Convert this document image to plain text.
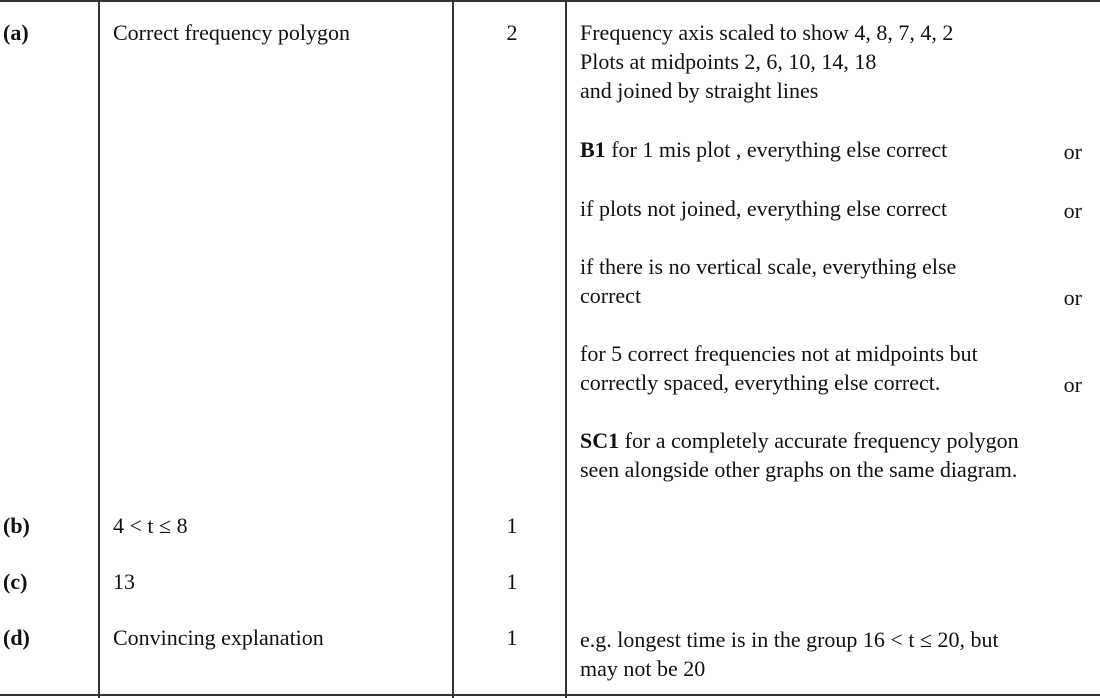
(a)	Correct frequency polygon	2	Frequency axis scaled to show 4, 8, 7, 4, 2
Plots at midpoints 2, 6, 10, 14, 18
and joined by straight lines
B1 for 1 mis plot , everything else correct	or
if plots not joined, everything else correct	or
if there is no vertical scale, everything else
correct	or
for 5 correct frequencies not at midpoints but
correctly spaced, everything else correct.	or
SC1 for a completely accurate frequency polygon
seen alongside other graphs on the same diagram.
(b)	4 < t ≤ 8	1
(c)	13	1
(d)	Convincing explanation	1	e.g. longest time is in the group 16 < t ≤ 20, but
may not be 20
